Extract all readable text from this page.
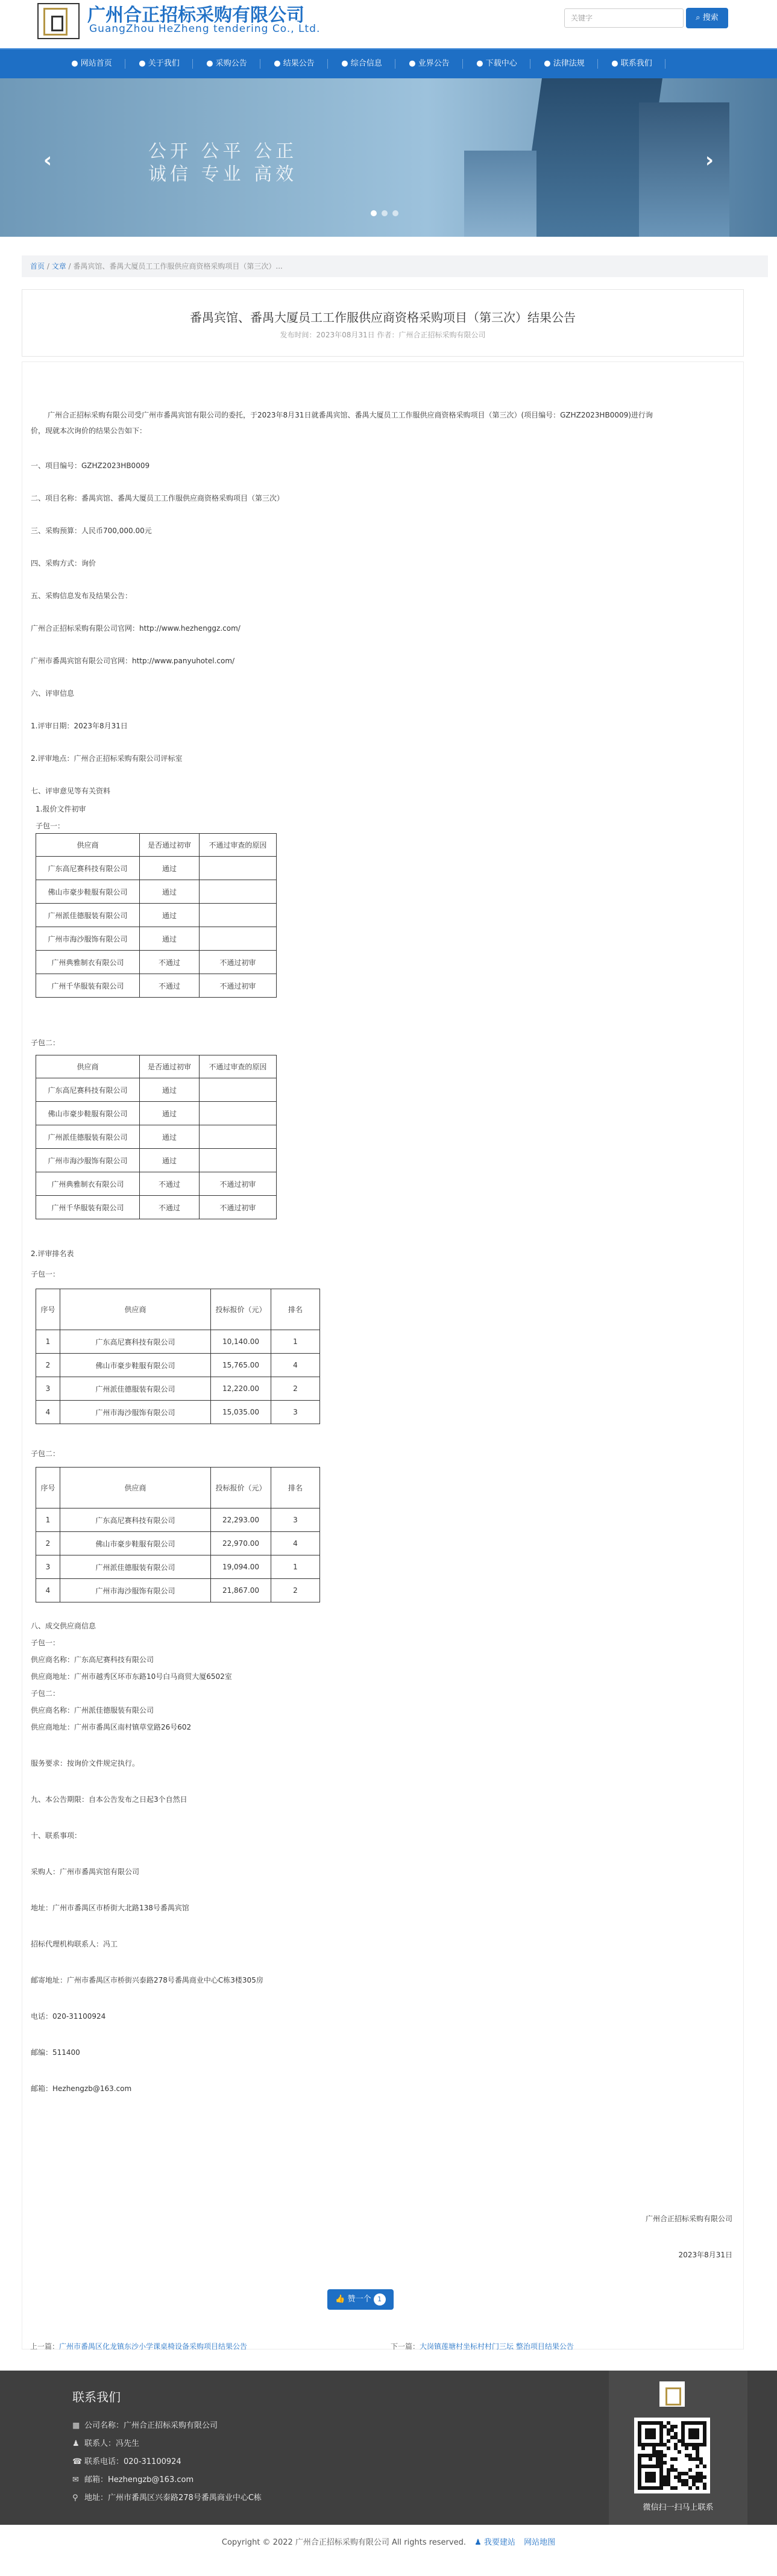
广州合正招标采购有限公司
GuangZhou HeZheng tendering Co., Ltd.
关键字	⌕ 搜索
● 网站首页	● 关于我们	● 采购公告	● 结果公告	● 综合信息	● 业界公告	● 下载中心	● 法律法规	● 联系我们
公开 公平 公正
诚信 专业 高效
‹	›
首页 / 文章 / 番禺宾馆、番禺大厦员工工作服供应商资格采购项目（第三次）...
番禺宾馆、番禺大厦员工工作服供应商资格采购项目（第三次）结果公告
发布时间：2023年08月31日 作者：广州合正招标采购有限公司
广州合正招标采购有限公司受广州市番禺宾馆有限公司的委托，于2023年8月31日就番禺宾馆、番禺大厦员工工作服供应商资格采购项目（第三次）(项目编号：GZHZ2023HB0009)进行询
价，现就本次询价的结果公告如下：
一、项目编号：GZHZ2023HB0009
二、项目名称：番禺宾馆、番禺大厦员工工作服供应商资格采购项目（第三次）
三、采购预算：人民币700,000.00元
四、采购方式：询价
五、采购信息发布及结果公告：
广州合正招标采购有限公司官网：http://www.hezhenggz.com/
广州市番禺宾馆有限公司官网：http://www.panyuhotel.com/
六、评审信息
1.评审日期：2023年8月31日
2.评审地点：广州合正招标采购有限公司评标室
七、评审意见等有关资料
1.报价文件初审
子包一：
供应商	是否通过初审	不通过审查的原因
广东高尼赛科技有限公司	通过	
佛山市豪步鞋服有限公司	通过	
广州派佳德服装有限公司	通过	
广州市海沙服饰有限公司	通过	
广州典雅制衣有限公司	不通过	不通过初审
广州千华服装有限公司	不通过	不通过初审
子包二：
供应商	是否通过初审	不通过审查的原因
广东高尼赛科技有限公司	通过	
佛山市豪步鞋服有限公司	通过	
广州派佳德服装有限公司	通过	
广州市海沙服饰有限公司	通过	
广州典雅制衣有限公司	不通过	不通过初审
广州千华服装有限公司	不通过	不通过初审
2.评审排名表
子包一：
序号	供应商	投标报价（元）	排名
1	广东高尼赛科技有限公司	10,140.00	1
2	佛山市豪步鞋服有限公司	15,765.00	4
3	广州派佳德服装有限公司	12,220.00	2
4	广州市海沙服饰有限公司	15,035.00	3
子包二：
序号	供应商	投标报价（元）	排名
1	广东高尼赛科技有限公司	22,293.00	3
2	佛山市豪步鞋服有限公司	22,970.00	4
3	广州派佳德服装有限公司	19,094.00	1
4	广州市海沙服饰有限公司	21,867.00	2
八、成交供应商信息
子包一：
供应商名称：广东高尼赛科技有限公司
供应商地址：广州市越秀区环市东路10号白马商贸大厦6502室
子包二：
供应商名称：广州派佳德服装有限公司
供应商地址：广州市番禺区南村镇草堂路26号602
服务要求：按询价文件规定执行。
九、本公告期限：自本公告发布之日起3个自然日
十、联系事项：
采购人：广州市番禺宾馆有限公司
地址：广州市番禺区市桥街大北路138号番禺宾馆
招标代理机构联系人：冯工
邮寄地址：广州市番禺区市桥街兴泰路278号番禺商业中心C栋3楼305房
电话：020-31100924
邮编：511400
邮箱：Hezhengzb@163.com
广州合正招标采购有限公司
2023年8月31日
👍 赞一个 1
上一篇：广州市番禺区化龙镇东沙小学课桌椅设备采购项目结果公告	下一篇：大岗镇莲塘村坐标村村门三坛 整治项目结果公告
联系我们
▦ 公司名称：广州合正招标采购有限公司
♟ 联系人：冯先生
☎ 联系电话：020-31100924
✉ 邮箱：Hezhengzb@163.com
⚲ 地址：广州市番禺区兴泰路278号番禺商业中心C栋
微信扫一扫马上联系
Copyright © 2022 广州合正招标采购有限公司 All rights reserved. ♟ 我要建站 网站地图
